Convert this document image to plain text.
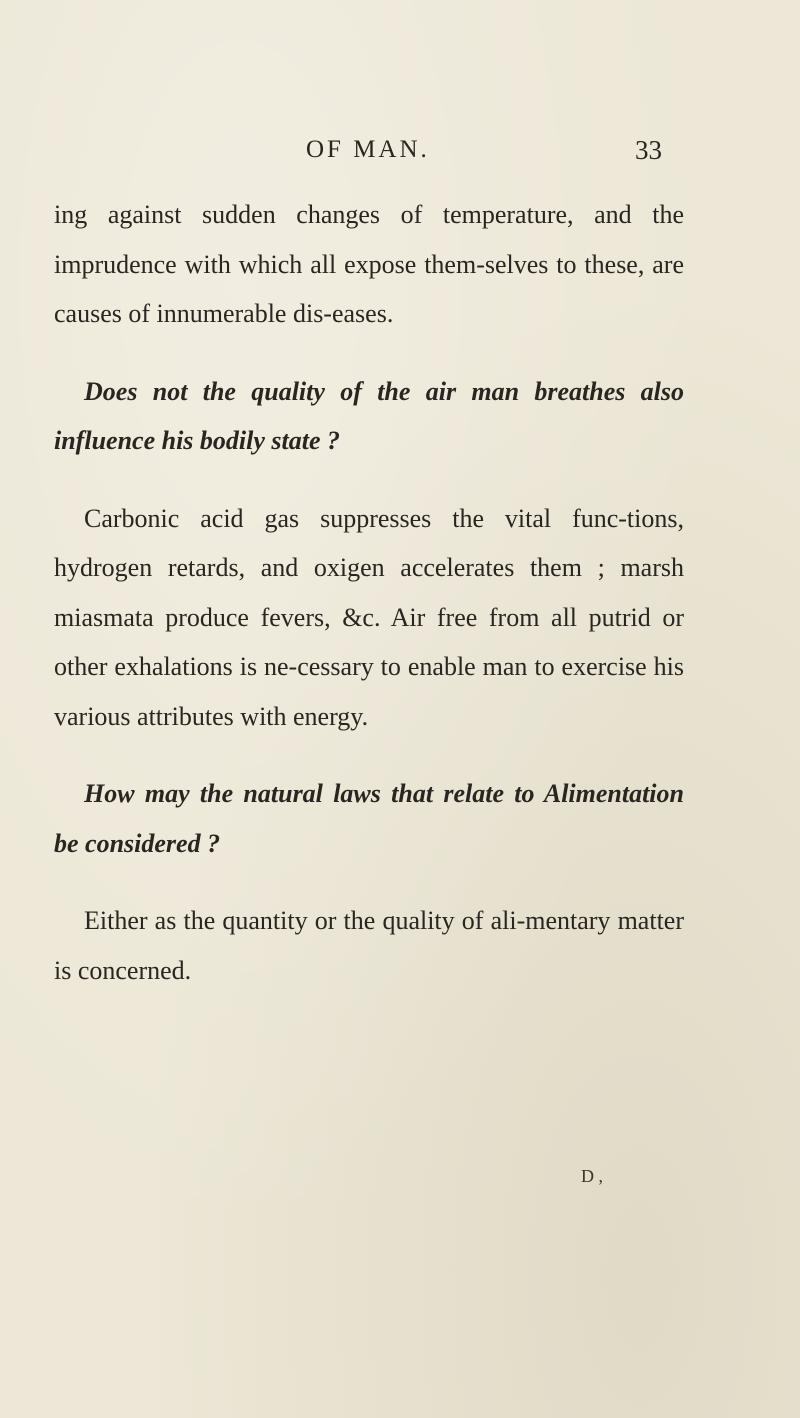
OF MAN.	33

ing against sudden changes of temperature, and the imprudence with which all expose them-selves to these, are causes of innumerable dis-eases.

Does not the quality of the air man breathes also influence his bodily state ?

Carbonic acid gas suppresses the vital func-tions, hydrogen retards, and oxigen accelerates them ; marsh miasmata produce fevers, &c. Air free from all putrid or other exhalations is ne-cessary to enable man to exercise his various attributes with energy.

How may the natural laws that relate to Alimentation be considered ?

Either as the quantity or the quality of ali-mentary matter is concerned.

D ,
